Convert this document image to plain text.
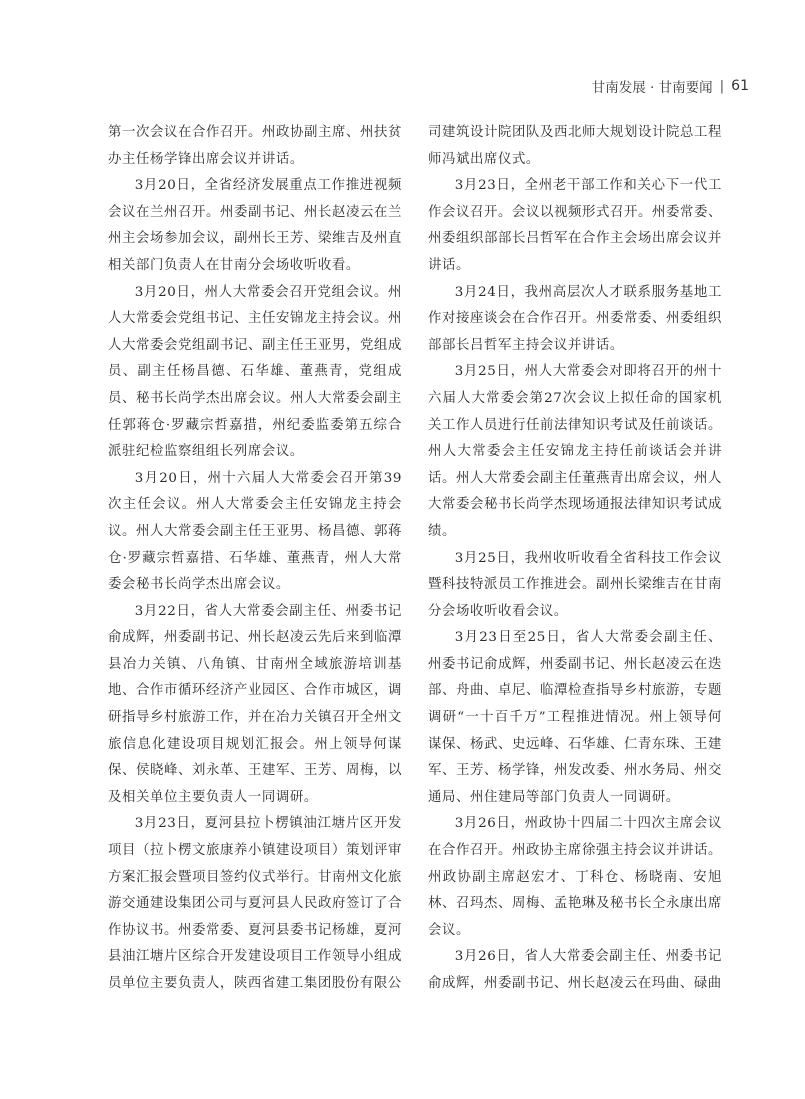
甘南发展 · 甘南要闻 | 61

第一次会议在合作召开。州政协副主席、州扶贫办主任杨学锋出席会议并讲话。

3月20日，全省经济发展重点工作推进视频会议在兰州召开。州委副书记、州长赵凌云在兰州主会场参加会议，副州长王芳、梁维吉及州直相关部门负责人在甘南分会场收听收看。

3月20日，州人大常委会召开党组会议。州人大常委会党组书记、主任安锦龙主持会议。州人大常委会党组副书记、副主任王亚男，党组成员、副主任杨昌德、石华雄、董燕青，党组成员、秘书长尚学杰出席会议。州人大常委会副主任郭蒋仓·罗藏宗哲嘉措，州纪委监委第五综合派驻纪检监察组组长列席会议。

3月20日，州十六届人大常委会召开第39次主任会议。州人大常委会主任安锦龙主持会议。州人大常委会副主任王亚男、杨昌德、郭蒋仓·罗藏宗哲嘉措、石华雄、董燕青，州人大常委会秘书长尚学杰出席会议。

3月22日，省人大常委会副主任、州委书记俞成辉，州委副书记、州长赵凌云先后来到临潭县冶力关镇、八角镇、甘南州全域旅游培训基地、合作市循环经济产业园区、合作市城区，调研指导乡村旅游工作，并在冶力关镇召开全州文旅信息化建设项目规划汇报会。州上领导何谋保、侯晓峰、刘永革、王建军、王芳、周梅，以及相关单位主要负责人一同调研。

3月23日，夏河县拉卜楞镇油江塘片区开发项目（拉卜楞文旅康养小镇建设项目）策划评审方案汇报会暨项目签约仪式举行。甘南州文化旅游交通建设集团公司与夏河县人民政府签订了合作协议书。州委常委、夏河县委书记杨雄，夏河县油江塘片区综合开发建设项目工作领导小组成员单位主要负责人，陕西省建工集团股份有限公

司建筑设计院团队及西北师大规划设计院总工程师冯斌出席仪式。

3月23日，全州老干部工作和关心下一代工作会议召开。会议以视频形式召开。州委常委、州委组织部部长吕哲军在合作主会场出席会议并讲话。

3月24日，我州高层次人才联系服务基地工作对接座谈会在合作召开。州委常委、州委组织部部长吕哲军主持会议并讲话。

3月25日，州人大常委会对即将召开的州十六届人大常委会第27次会议上拟任命的国家机关工作人员进行任前法律知识考试及任前谈话。州人大常委会主任安锦龙主持任前谈话会并讲话。州人大常委会副主任董燕青出席会议，州人大常委会秘书长尚学杰现场通报法律知识考试成绩。

3月25日，我州收听收看全省科技工作会议暨科技特派员工作推进会。副州长梁维吉在甘南分会场收听收看会议。

3月23日至25日，省人大常委会副主任、州委书记俞成辉，州委副书记、州长赵凌云在迭部、舟曲、卓尼、临潭检查指导乡村旅游，专题调研“一十百千万”工程推进情况。州上领导何谋保、杨武、史远峰、石华雄、仁青东珠、王建军、王芳、杨学锋，州发改委、州水务局、州交通局、州住建局等部门负责人一同调研。

3月26日，州政协十四届二十四次主席会议在合作召开。州政协主席徐强主持会议并讲话。州政协副主席赵宏才、丁科仓、杨晓南、安旭林、召玛杰、周梅、孟艳琳及秘书长仝永康出席会议。

3月26日，省人大常委会副主任、州委书记俞成辉，州委副书记、州长赵凌云在玛曲、碌曲
